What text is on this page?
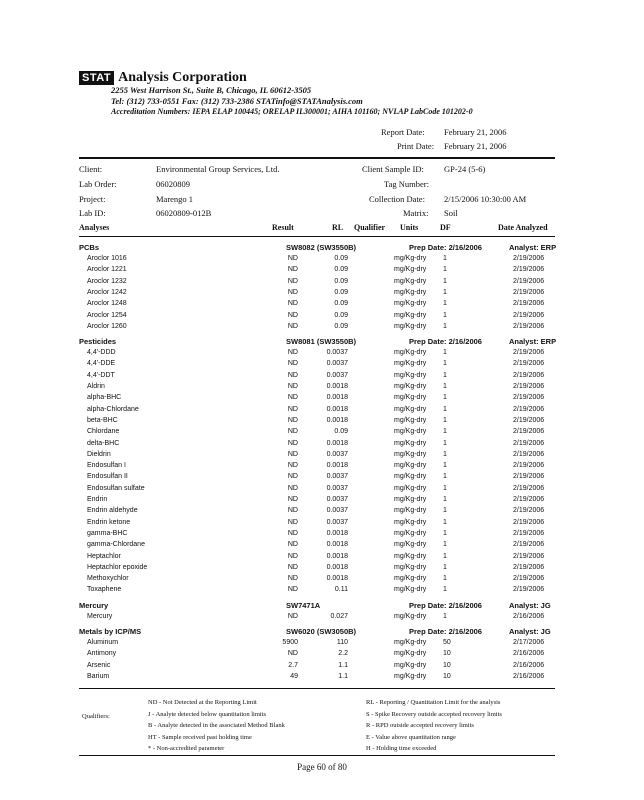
STAT Analysis Corporation
2255 West Harrison St., Suite B, Chicago, IL 60612-3505
Tel: (312) 733-0551 Fax: (312) 733-2386 STATinfo@STATAnalysis.com
Accreditation Numbers: IEPA ELAP 100445; ORELAP IL300001; AIHA 101160; NVLAP LabCode 101202-0
Report Date: February 21, 2006
Print Date: February 21, 2006
Client:	Environmental Group Services, Ltd.
Lab Order:	06020809
Project:	Marengo 1
Lab ID:	06020809-012B
Client Sample ID: GP-24 (5-6)
Tag Number:
Collection Date: 2/15/2006 10:30:00 AM
Matrix: Soil
Analyses	Result	RL Qualifier Units	DF	Date Analyzed
PCBs	SW8082 (SW3550B)	Prep Date: 2/16/2006	Analyst: ERP
Aroclor 1016	ND	0.09	mg/Kg-dry 1	2/19/2006
Aroclor 1221	ND	0.09	mg/Kg-dry 1	2/19/2006
Aroclor 1232	ND	0.09	mg/Kg-dry 1	2/19/2006
Aroclor 1242	ND	0.09	mg/Kg-dry 1	2/19/2006
Aroclor 1248	ND	0.09	mg/Kg-dry 1	2/19/2006
Aroclor 1254	ND	0.09	mg/Kg-dry 1	2/19/2006
Aroclor 1260	ND	0.09	mg/Kg-dry 1	2/19/2006
Pesticides	SW8081 (SW3550B)	Prep Date: 2/16/2006	Analyst: ERP
4,4'-DDD	ND	0.0037	mg/Kg-dry 1	2/19/2006
4,4'-DDE	ND	0.0037	mg/Kg-dry 1	2/19/2006
4,4'-DDT	ND	0.0037	mg/Kg-dry 1	2/19/2006
Aldrin	ND	0.0018	mg/Kg-dry 1	2/19/2006
alpha-BHC	ND	0.0018	mg/Kg-dry 1	2/19/2006
alpha-Chlordane	ND	0.0018	mg/Kg-dry 1	2/19/2006
beta-BHC	ND	0.0018	mg/Kg-dry 1	2/19/2006
Chlordane	ND	0.09	mg/Kg-dry 1	2/19/2006
delta-BHC	ND	0.0018	mg/Kg-dry 1	2/19/2006
Dieldrin	ND	0.0037	mg/Kg-dry 1	2/19/2006
Endosulfan I	ND	0.0018	mg/Kg-dry 1	2/19/2006
Endosulfan II	ND	0.0037	mg/Kg-dry 1	2/19/2006
Endosulfan sulfate	ND	0.0037	mg/Kg-dry 1	2/19/2006
Endrin	ND	0.0037	mg/Kg-dry 1	2/19/2006
Endrin aldehyde	ND	0.0037	mg/Kg-dry 1	2/19/2006
Endrin ketone	ND	0.0037	mg/Kg-dry 1	2/19/2006
gamma-BHC	ND	0.0018	mg/Kg-dry 1	2/19/2006
gamma-Chlordane	ND	0.0018	mg/Kg-dry 1	2/19/2006
Heptachlor	ND	0.0018	mg/Kg-dry 1	2/19/2006
Heptachlor epoxide	ND	0.0018	mg/Kg-dry 1	2/19/2006
Methoxychlor	ND	0.0018	mg/Kg-dry 1	2/19/2006
Toxaphene	ND	0.11	mg/Kg-dry 1	2/19/2006
Mercury	SW7471A	Prep Date: 2/16/2006	Analyst: JG
Mercury	ND	0.027	mg/Kg-dry 1	2/16/2006
Metals by ICP/MS	SW6020 (SW3050B)	Prep Date: 2/16/2006	Analyst: JG
Aluminum	5900	110	mg/Kg-dry 50	2/17/2006
Antimony	ND	2.2	mg/Kg-dry 10	2/16/2006
Arsenic	2.7	1.1	mg/Kg-dry 10	2/16/2006
Barium	49	1.1	mg/Kg-dry 10	2/16/2006
Qualifiers:
ND - Not Detected at the Reporting Limit
J - Analyte detected below quantitation limits
B - Analyte detected in the associated Method Blank
HT - Sample received past holding time
* - Non-accredited parameter
RL - Reporting / Quantitation Limit for the analysis
S - Spike Recovery outside accepted recovery limits
R - RPD outside accepted recovery limits
E - Value above quantitation range
H - Holding time exceeded
Page 60 of 80
